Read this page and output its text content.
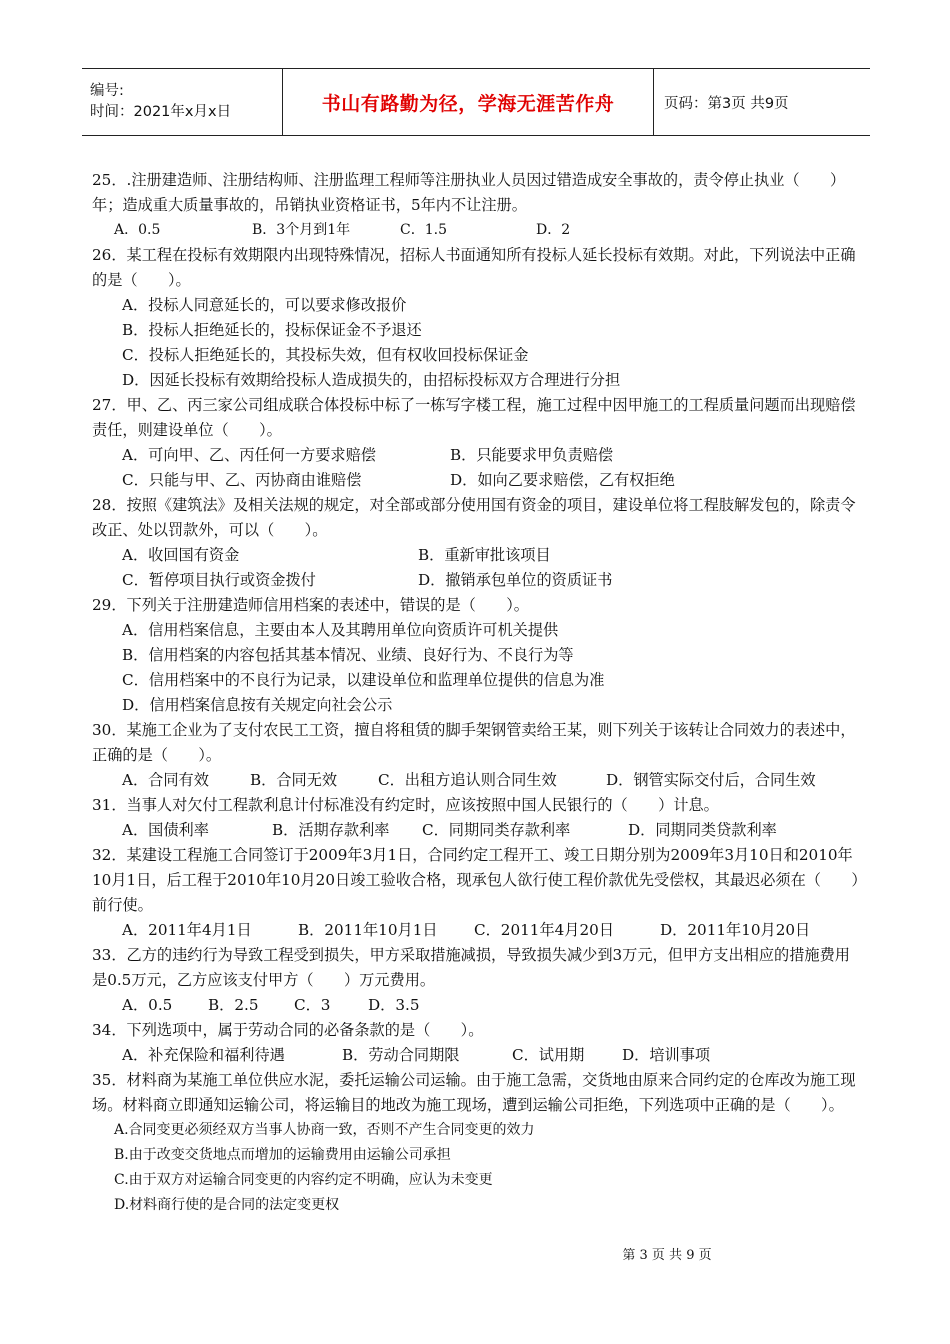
编号:
时间：2021年x月x日	书山有路勤为径，学海无涯苦作舟	页码：第3页 共9页
25．.注册建造师、注册结构师、注册监理工程师等注册执业人员因过错造成安全事故的，责令停止执业（　　）年；造成重大质量事故的，吊销执业资格证书，5年内不让注册。
A．0.5	B．3个月到1年	C．1.5	D．2
26．某工程在投标有效期限内出现特殊情况，招标人书面通知所有投标人延长投标有效期。对此，下列说法中正确的是（　　）。
A．投标人同意延长的，可以要求修改报价
B．投标人拒绝延长的，投标保证金不予退还
C．投标人拒绝延长的，其投标失效，但有权收回投标保证金
D．因延长投标有效期给投标人造成损失的，由招标投标双方合理进行分担
27．甲、乙、丙三家公司组成联合体投标中标了一栋写字楼工程，施工过程中因甲施工的工程质量问题而出现赔偿责任，则建设单位（　　）。
A．可向甲、乙、丙任何一方要求赔偿	B．只能要求甲负责赔偿
C．只能与甲、乙、丙协商由谁赔偿	D．如向乙要求赔偿，乙有权拒绝
28．按照《建筑法》及相关法规的规定，对全部或部分使用国有资金的项目，建设单位将工程肢解发包的，除责令改正、处以罚款外，可以（　　）。
A．收回国有资金	B．重新审批该项目
C．暂停项目执行或资金拨付	D．撤销承包单位的资质证书
29．下列关于注册建造师信用档案的表述中，错误的是（　　）。
A．信用档案信息，主要由本人及其聘用单位向资质许可机关提供
B．信用档案的内容包括其基本情况、业绩、良好行为、不良行为等
C．信用档案中的不良行为记录，以建设单位和监理单位提供的信息为准
D．信用档案信息按有关规定向社会公示
30．某施工企业为了支付农民工工资，擅自将租赁的脚手架钢管卖给王某，则下列关于该转让合同效力的表述中，正确的是（　　）。
A．合同有效	B．合同无效	C．出租方追认则合同生效	D．钢管实际交付后，合同生效
31．当事人对欠付工程款利息计付标准没有约定时，应该按照中国人民银行的（　　）计息。
A．国债利率	B．活期存款利率	C．同期同类存款利率	D．同期同类贷款利率
32．某建设工程施工合同签订于2009年3月1日，合同约定工程开工、竣工日期分别为2009年3月10日和2010年10月1日，后工程于2010年10月20日竣工验收合格，现承包人欲行使工程价款优先受偿权，其最迟必须在（　　）前行使。
A．2011年4月1日	B．2011年10月1日	C．2011年4月20日	D．2011年10月20日
33．乙方的违约行为导致工程受到损失，甲方采取措施减损，导致损失减少到3万元，但甲方支出相应的措施费用是0.5万元，乙方应该支付甲方（　　）万元费用。
A．0.5	B．2.5	C．3	D．3.5
34．下列选项中，属于劳动合同的必备条款的是（　　）。
A．补充保险和福利待遇	B．劳动合同期限	C．试用期	D．培训事项
35．材料商为某施工单位供应水泥，委托运输公司运输。由于施工急需，交货地由原来合同约定的仓库改为施工现场。材料商立即通知运输公司，将运输目的地改为施工现场，遭到运输公司拒绝，下列选项中正确的是（　　）。
A.合同变更必须经双方当事人协商一致，否则不产生合同变更的效力
B.由于改变交货地点而增加的运输费用由运输公司承担
C.由于双方对运输合同变更的内容约定不明确，应认为未变更
D.材料商行使的是合同的法定变更权
第 3 页 共 9 页
